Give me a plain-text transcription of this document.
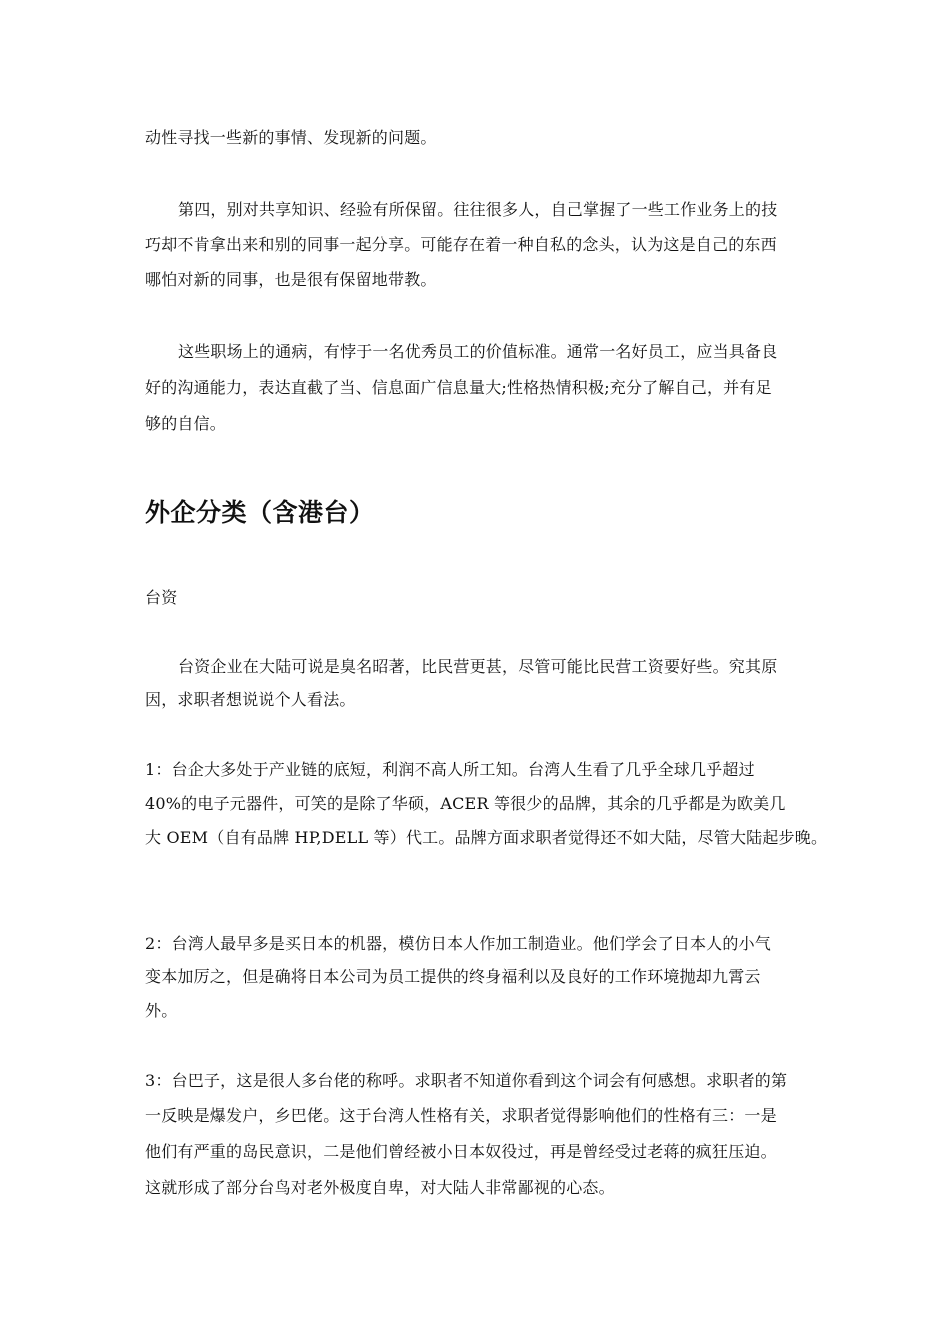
动性寻找一些新的事情、发现新的问题。
第四，别对共享知识、经验有所保留。往往很多人，自己掌握了一些工作业务上的技
巧却不肯拿出来和别的同事一起分享。可能存在着一种自私的念头，认为这是自己的东西
哪怕对新的同事，也是很有保留地带教。
这些职场上的通病，有悖于一名优秀员工的价值标准。通常一名好员工，应当具备良
好的沟通能力，表达直截了当、信息面广信息量大;性格热情积极;充分了解自己，并有足
够的自信。
外企分类（含港台）
台资
台资企业在大陆可说是臭名昭著，比民营更甚，尽管可能比民营工资要好些。究其原
因，求职者想说说个人看法。
1：台企大多处于产业链的底短，利润不高人所工知。台湾人生看了几乎全球几乎超过
40%的电子元器件，可笑的是除了华硕，ACER 等很少的品牌，其余的几乎都是为欧美几
大 OEM（自有品牌 HP,DELL 等）代工。品牌方面求职者觉得还不如大陆，尽管大陆起步晚。
2：台湾人最早多是买日本的机器，模仿日本人作加工制造业。他们学会了日本人的小气
变本加厉之，但是确将日本公司为员工提供的终身福利以及良好的工作环境抛却九霄云
外。
3：台巴子，这是很人多台佬的称呼。求职者不知道你看到这个词会有何感想。求职者的第
一反映是爆发户，乡巴佬。这于台湾人性格有关，求职者觉得影响他们的性格有三：一是
他们有严重的岛民意识，二是他们曾经被小日本奴役过，再是曾经受过老蒋的疯狂压迫。
这就形成了部分台鸟对老外极度自卑，对大陆人非常鄙视的心态。
